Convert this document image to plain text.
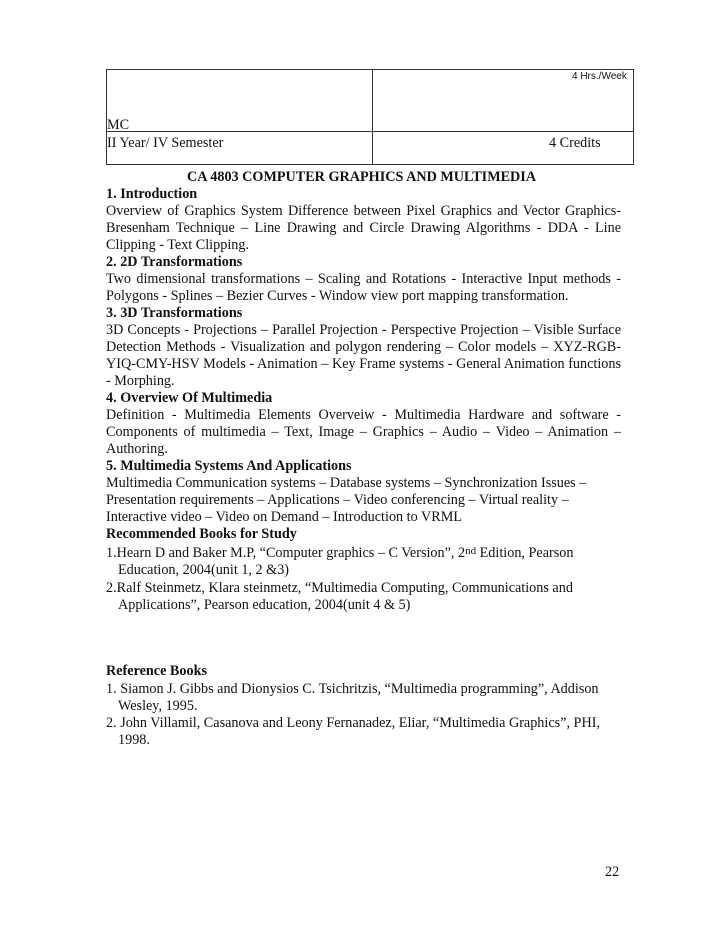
4 Hrs./Week
MC
II Year/ IV Semester	4 Credits
CA 4803 COMPUTER GRAPHICS AND MULTIMEDIA
1. Introduction
Overview of Graphics System Difference between Pixel Graphics and Vector Graphics- Bresenham Technique – Line Drawing and Circle Drawing Algorithms - DDA - Line Clipping - Text Clipping.
2. 2D Transformations
Two dimensional transformations – Scaling and Rotations - Interactive Input methods - Polygons - Splines – Bezier Curves - Window view port mapping transformation.
3. 3D Transformations
3D Concepts - Projections – Parallel Projection - Perspective Projection – Visible Surface Detection Methods - Visualization and polygon rendering – Color models – XYZ-RGB-YIQ-CMY-HSV Models - Animation – Key Frame systems - General Animation functions - Morphing.
4. Overview Of Multimedia
Definition - Multimedia Elements Overveiw - Multimedia Hardware and software - Components of multimedia – Text, Image – Graphics – Audio – Video – Animation – Authoring.
5. Multimedia Systems And Applications
Multimedia Communication systems – Database systems – Synchronization Issues –
Presentation requirements – Applications – Video conferencing – Virtual reality –
Interactive video – Video on Demand – Introduction to VRML
Recommended Books for Study
1.Hearn D and Baker M.P, “Computer graphics – C Version”, 2nd Edition, Pearson
Education, 2004(unit 1, 2 &3)
2.Ralf Steinmetz, Klara steinmetz, “Multimedia Computing, Communications and
Applications”, Pearson education, 2004(unit 4 & 5)
Reference Books
1. Siamon J. Gibbs and Dionysios C. Tsichritzis, “Multimedia programming”, Addison
Wesley, 1995.
2. John Villamil, Casanova and Leony Fernanadez, Eliar, “Multimedia Graphics”, PHI,
1998.
22
